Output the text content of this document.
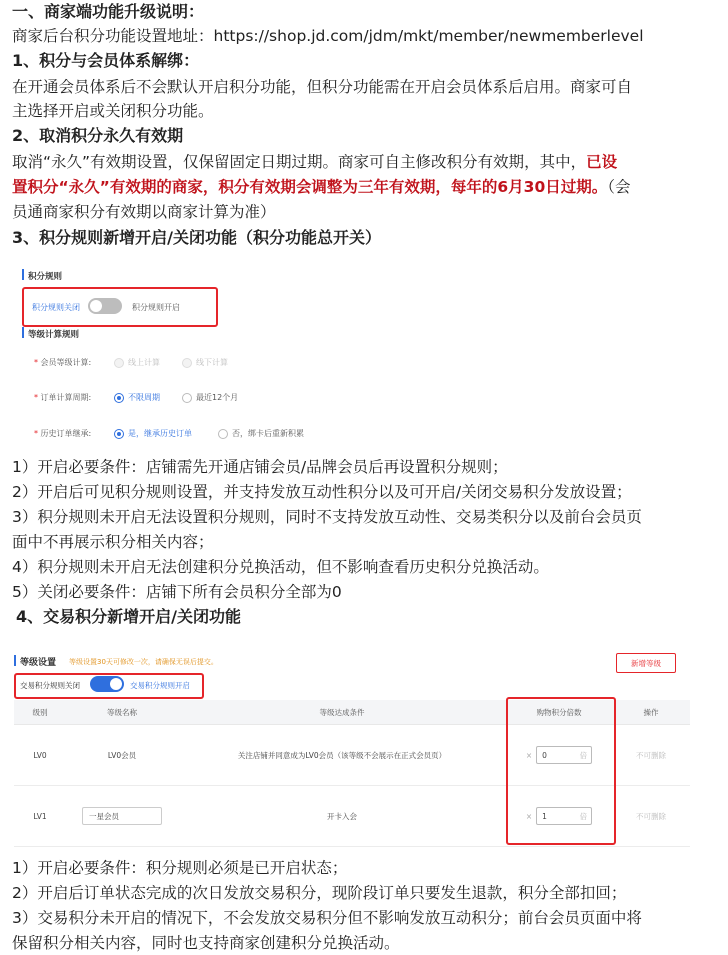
一、商家端功能升级说明：
商家后台积分功能设置地址：https://shop.jd.com/jdm/mkt/member/newmemberlevel
1、积分与会员体系解绑：
在开通会员体系后不会默认开启积分功能，但积分功能需在开启会员体系后启用。商家可自
主选择开启或关闭积分功能。
2、取消积分永久有效期
取消“永久”有效期设置，仅保留固定日期过期。商家可自主修改积分有效期，其中，已设
置积分“永久”有效期的商家，积分有效期会调整为三年有效期，每年的6月30日过期。（会
员通商家积分有效期以商家计算为准）
3、积分规则新增开启/关闭功能（积分功能总开关）
1）开启必要条件：店铺需先开通店铺会员/品牌会员后再设置积分规则；
2）开启后可见积分规则设置，并支持发放互动性积分以及可开启/关闭交易积分发放设置；
3）积分规则未开启无法设置积分规则，同时不支持发放互动性、交易类积分以及前台会员页
面中不再展示积分相关内容；
4）积分规则未开启无法创建积分兑换活动，但不影响查看历史积分兑换活动。
5）关闭必要条件：店铺下所有会员积分全部为0
4、交易积分新增开启/关闭功能
1）开启必要条件：积分规则必须是已开启状态；
2）开启后订单状态完成的次日发放交易积分，现阶段订单只要发生退款，积分全部扣回；
3）交易积分未开启的情况下，不会发放交易积分但不影响发放互动积分；前台会员页面中将
保留积分相关内容，同时也支持商家创建积分兑换活动。
积分规则
积分规则关闭	积分规则开启
等级计算规则
* 会员等级计算:	线上计算	线下计算
* 订单计算周期:	不限周期	最近12个月
* 历史订单继承:	是，继承历史订单	否，绑卡后重新积累
等级设置 等级设置30天可修改一次，请确保无误后提交。	新增等级
交易积分规则关闭	交易积分规则开启
级别	等级名称	等级达成条件	购物积分倍数	操作
LV0	LV0会员	关注店铺并同意成为LV0会员（该等级不会展示在正式会员页）	× 0 倍	不可删除
LV1	一星会员	开卡入会	× 1 倍	不可删除
